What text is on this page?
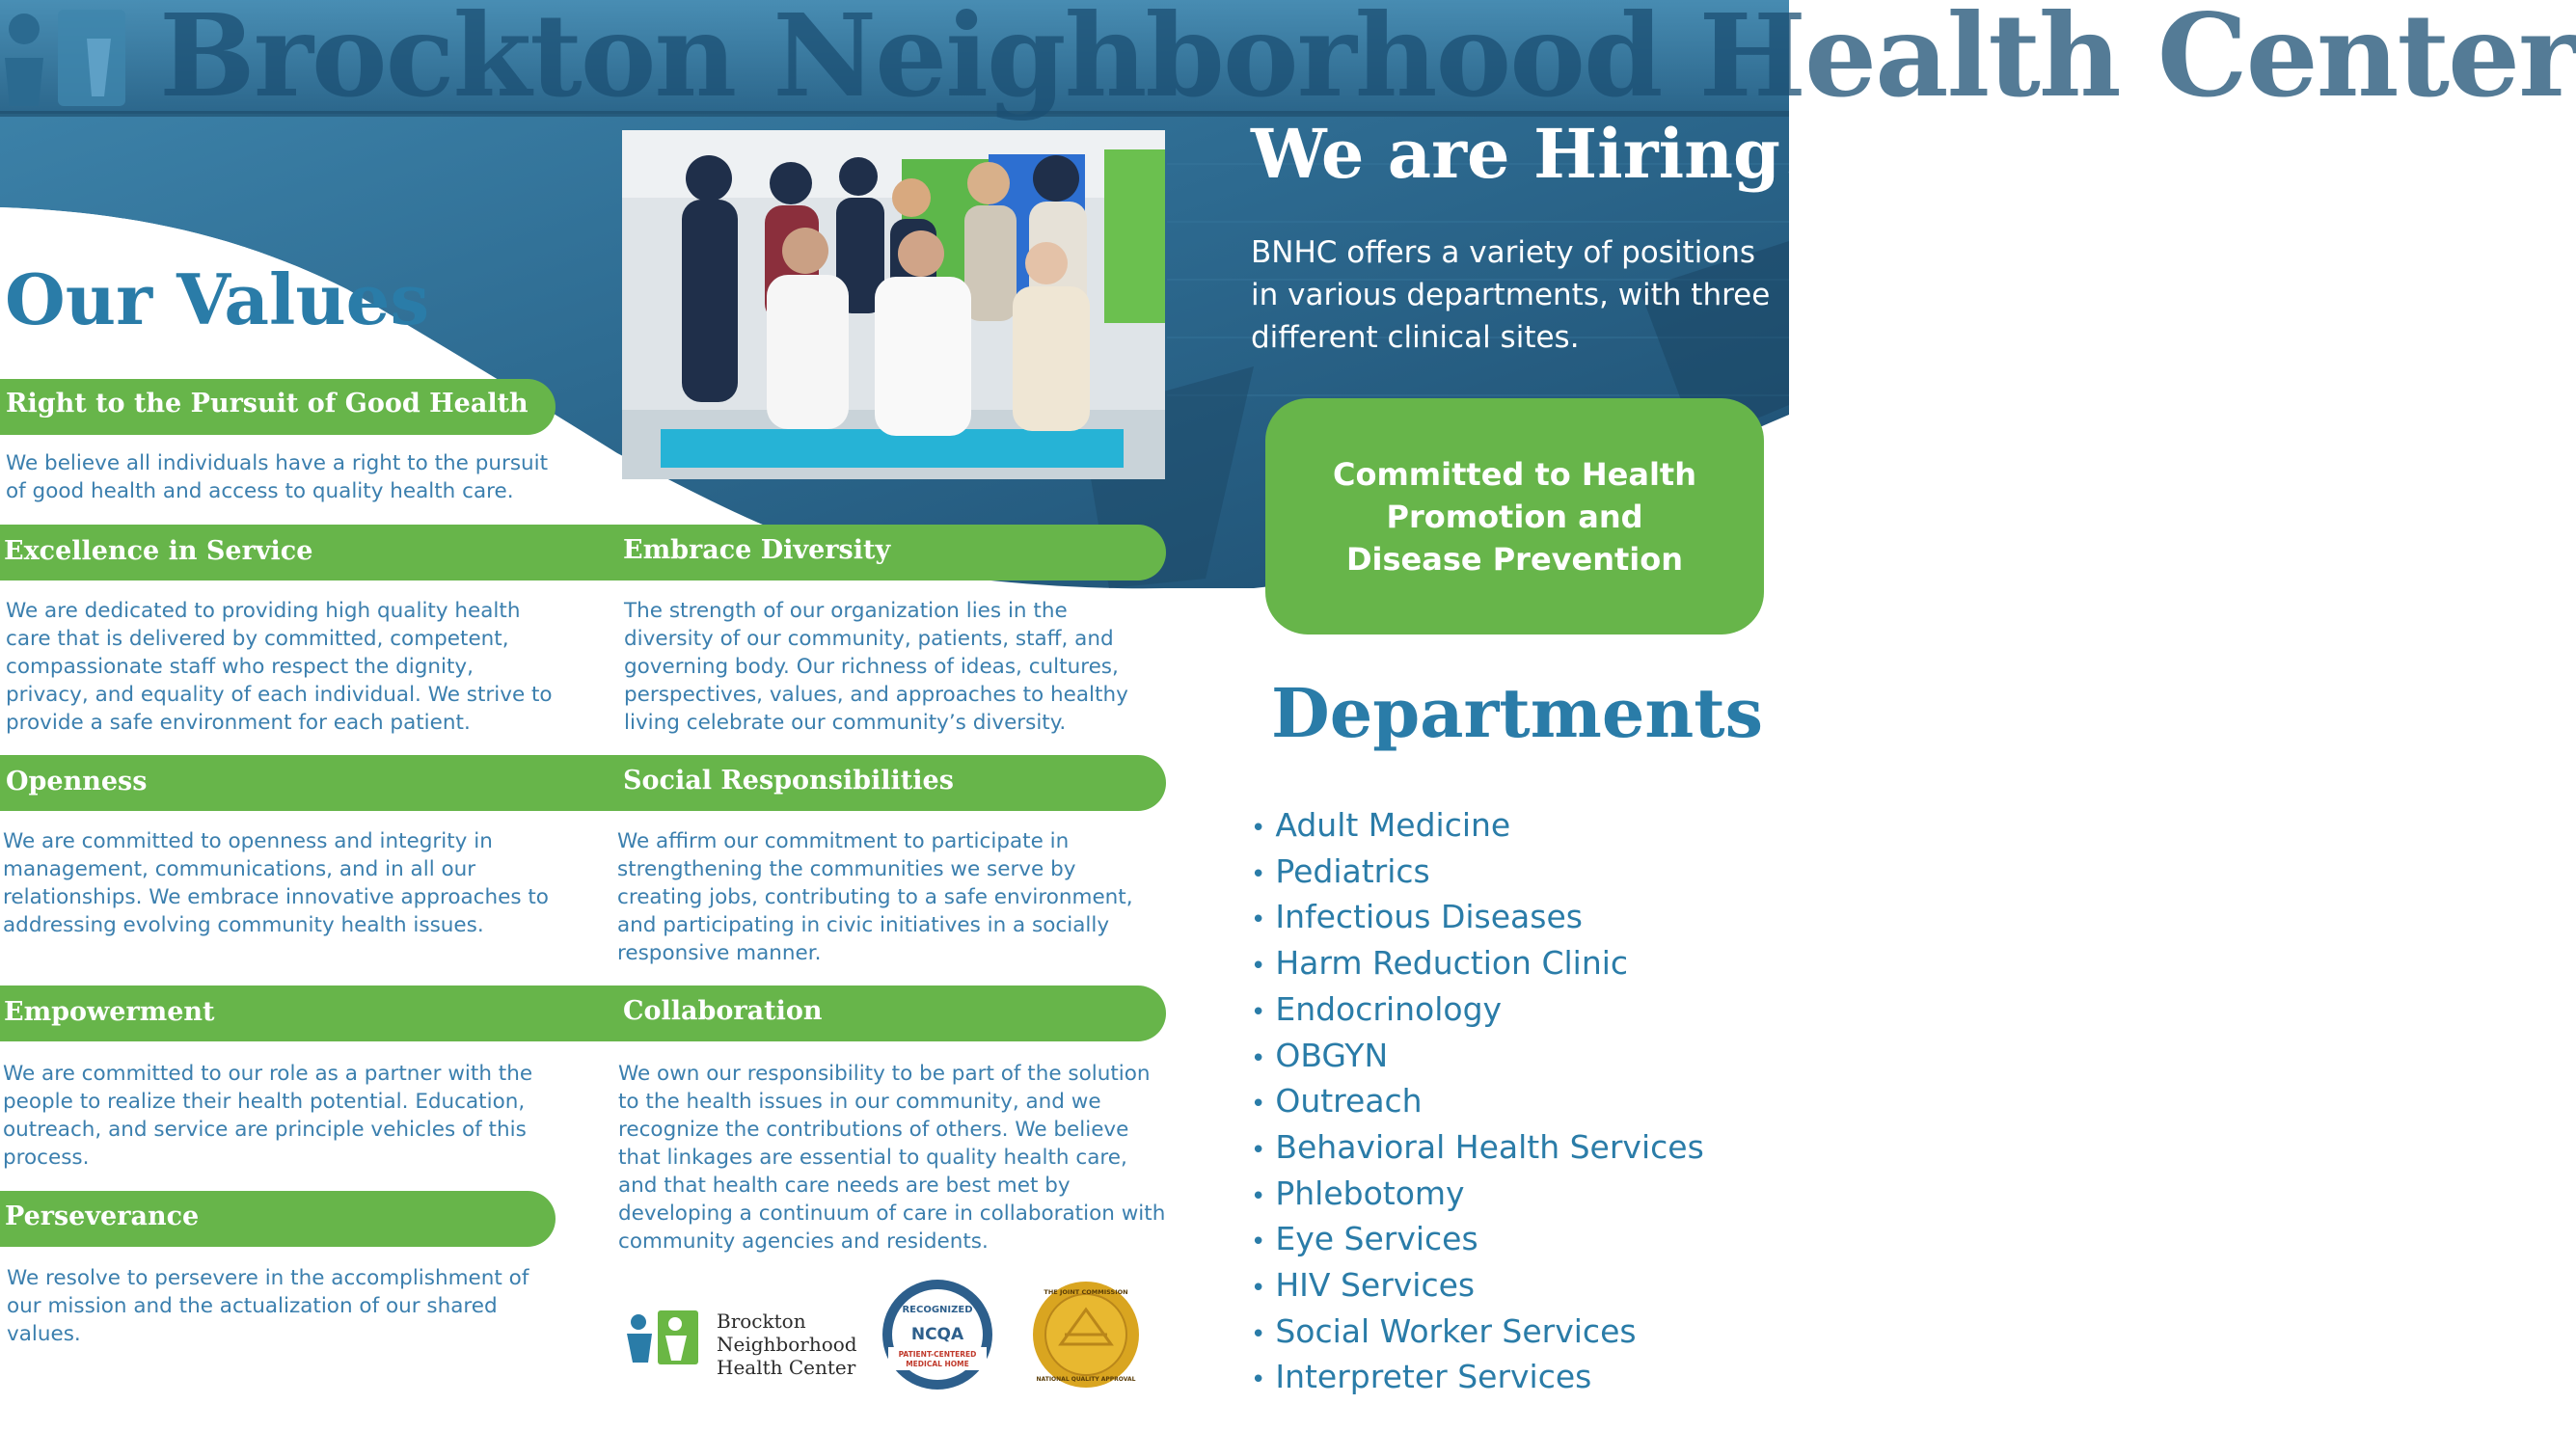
Brockton Neighborhood Health Center
Our Values
Right to the Pursuit of Good Health

We believe all individuals have a right to the pursuit of good health and access to quality health care.

Excellence in Service	Embrace Diversity

We are dedicated to providing high quality health care that is delivered by committed, competent, compassionate staff who respect the dignity, privacy, and equality of each individual. We strive to provide a safe environment for each patient.

The strength of our organization lies in the diversity of our community, patients, staff, and governing body. Our richness of ideas, cultures, perspectives, values, and approaches to healthy living celebrate our community’s diversity.

Openness	Social Responsibilities

We are committed to openness and integrity in management, communications, and in all our relationships. We embrace innovative approaches to addressing evolving community health issues.

We affirm our commitment to participate in strengthening the communities we serve by creating jobs, contributing to a safe environment, and participating in civic initiatives in a socially responsive manner.

Empowerment	Collaboration

We are committed to our role as a partner with the people to realize their health potential. Education, outreach, and service are principle vehicles of this process.

We own our responsibility to be part of the solution to the health issues in our community, and we recognize the contributions of others. We believe that linkages are essential to quality health care, and that health care needs are best met by developing a continuum of care in collaboration with community agencies and residents.

Perseverance

We resolve to persevere in the accomplishment of our mission and the actualization of our shared values.

We are Hiring!

BNHC offers a variety of positions in various departments, with three different clinical sites.

Committed to Health Promotion and Disease Prevention
Departments
• Adult Medicine
• Pediatrics
• Infectious Diseases
• Harm Reduction Clinic
• Endocrinology
• OBGYN
• Outreach
• Behavioral Health Services
• Phlebotomy
• Eye Services
• HIV Services
• Social Worker Services
• Interpreter Services
Brockton
Neighborhood
Health Center
RECOGNIZED
NCQA
PATIENT-CENTERED
MEDICAL HOME
THE JOINT COMMISSION
NATIONAL QUALITY APPROVAL
